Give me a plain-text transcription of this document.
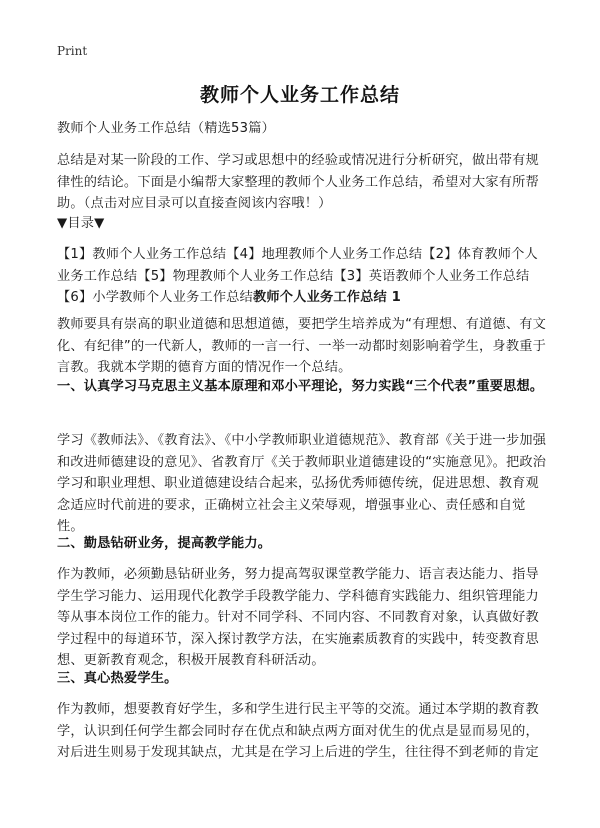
Print
教师个人业务工作总结
教师个人业务工作总结（精选53篇）
总结是对某一阶段的工作、学习或思想中的经验或情况进行分析研究，做出带有规律性的结论。下面是小编帮大家整理的教师个人业务工作总结，希望对大家有所帮助。（点击对应目录可以直接查阅该内容哦！）
▼目录▼
【1】教师个人业务工作总结【4】地理教师个人业务工作总结【2】体育教师个人业务工作总结【5】物理教师个人业务工作总结【3】英语教师个人业务工作总结【6】小学教师个人业务工作总结教师个人业务工作总结 1
教师要具有崇高的职业道德和思想道德，要把学生培养成为“有理想、有道德、有文化、有纪律”的一代新人，教师的一言一行、一举一动都时刻影响着学生，身教重于言教。我就本学期的德育方面的情况作一个总结。
一、认真学习马克思主义基本原理和邓小平理论，努力实践“三个代表”重要思想。
学习《教师法》、《教育法》、《中小学教师职业道德规范》、教育部《关于进一步加强和改进师德建设的意见》、省教育厅《关于教师职业道德建设的“实施意见》。把政治学习和职业理想、职业道德建设结合起来，弘扬优秀师德传统，促进思想、教育观念适应时代前进的要求，正确树立社会主义荣辱观，增强事业心、责任感和自觉性。
二、勤恳钻研业务，提高教学能力。
作为教师，必须勤恳钻研业务，努力提高驾驭课堂教学能力、语言表达能力、指导学生学习能力、运用现代化教学手段教学能力、学科德育实践能力、组织管理能力等从事本岗位工作的能力。针对不同学科、不同内容、不同教育对象，认真做好教学过程中的每道环节，深入探讨教学方法，在实施素质教育的实践中，转变教育思想、更新教育观念，积极开展教育科研活动。
三、真心热爱学生。
作为教师，想要教育好学生，多和学生进行民主平等的交流。通过本学期的教育教学，认识到任何学生都会同时存在优点和缺点两方面对优生的优点是显而易见的，对后进生则易于发现其缺点，尤其是在学习上后进的学生，往往得不到老师的肯定
